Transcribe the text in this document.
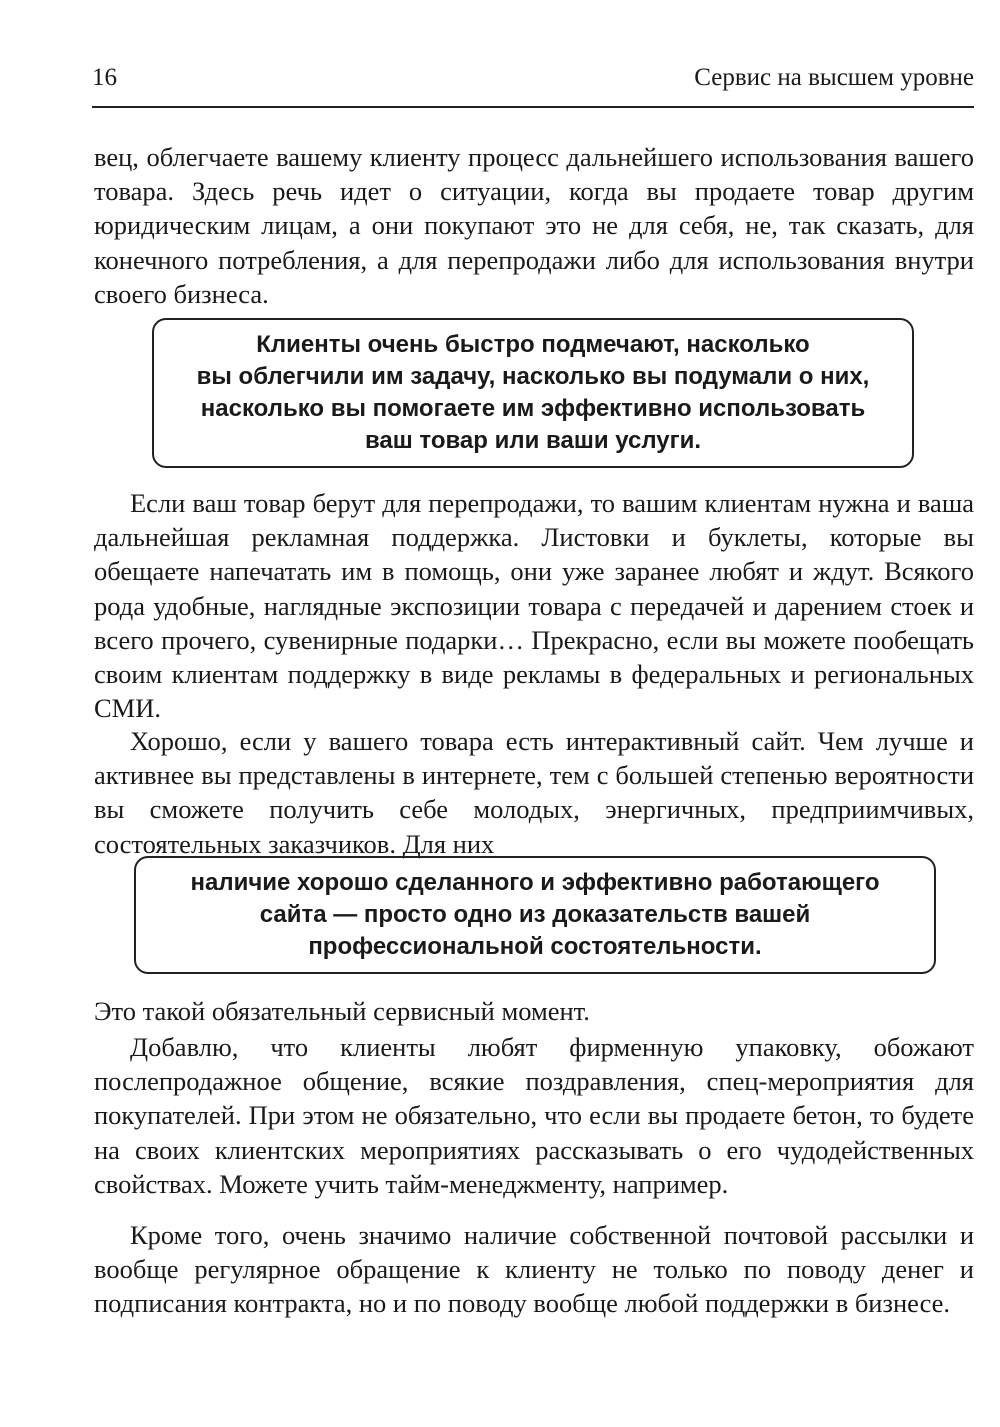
16	Сервис на высшем уровне

вец, облегчаете вашему клиенту процесс дальнейшего использования вашего товара. Здесь речь идет о ситуации, когда вы продаете товар другим юридическим лицам, а они покупают это не для себя, не, так сказать, для конечного потребления, а для перепродажи либо для использования внутри своего бизнеса.

Клиенты очень быстро подмечают, насколько
вы облегчили им задачу, насколько вы подумали о них,
насколько вы помогаете им эффективно использовать
ваш товар или ваши услуги.

Если ваш товар берут для перепродажи, то вашим клиентам нужна и ваша дальнейшая рекламная поддержка. Листовки и буклеты, которые вы обещаете напечатать им в помощь, они уже заранее любят и ждут. Всякого рода удобные, наглядные экспозиции товара с передачей и дарением стоек и всего прочего, сувенирные подарки… Прекрасно, если вы можете пообещать своим клиентам поддержку в виде рекламы в федеральных и региональных СМИ.

Хорошо, если у вашего товара есть интерактивный сайт. Чем лучше и активнее вы представлены в интернете, тем с большей степенью вероятности вы сможете получить себе молодых, энергичных, предприимчивых, состоятельных заказчиков. Для них

наличие хорошо сделанного и эффективно работающего
сайта — просто одно из доказательств вашей
профессиональной состоятельности.

Это такой обязательный сервисный момент.

Добавлю, что клиенты любят фирменную упаковку, обожают послепродажное общение, всякие поздравления, спец-мероприятия для покупателей. При этом не обязательно, что если вы продаете бетон, то будете на своих клиентских мероприятиях рассказывать о его чудодейственных свойствах. Можете учить тайм-менеджменту, например.

Кроме того, очень значимо наличие собственной почтовой рассылки и вообще регулярное обращение к клиенту не только по поводу денег и подписания контракта, но и по поводу вообще любой поддержки в бизнесе.
